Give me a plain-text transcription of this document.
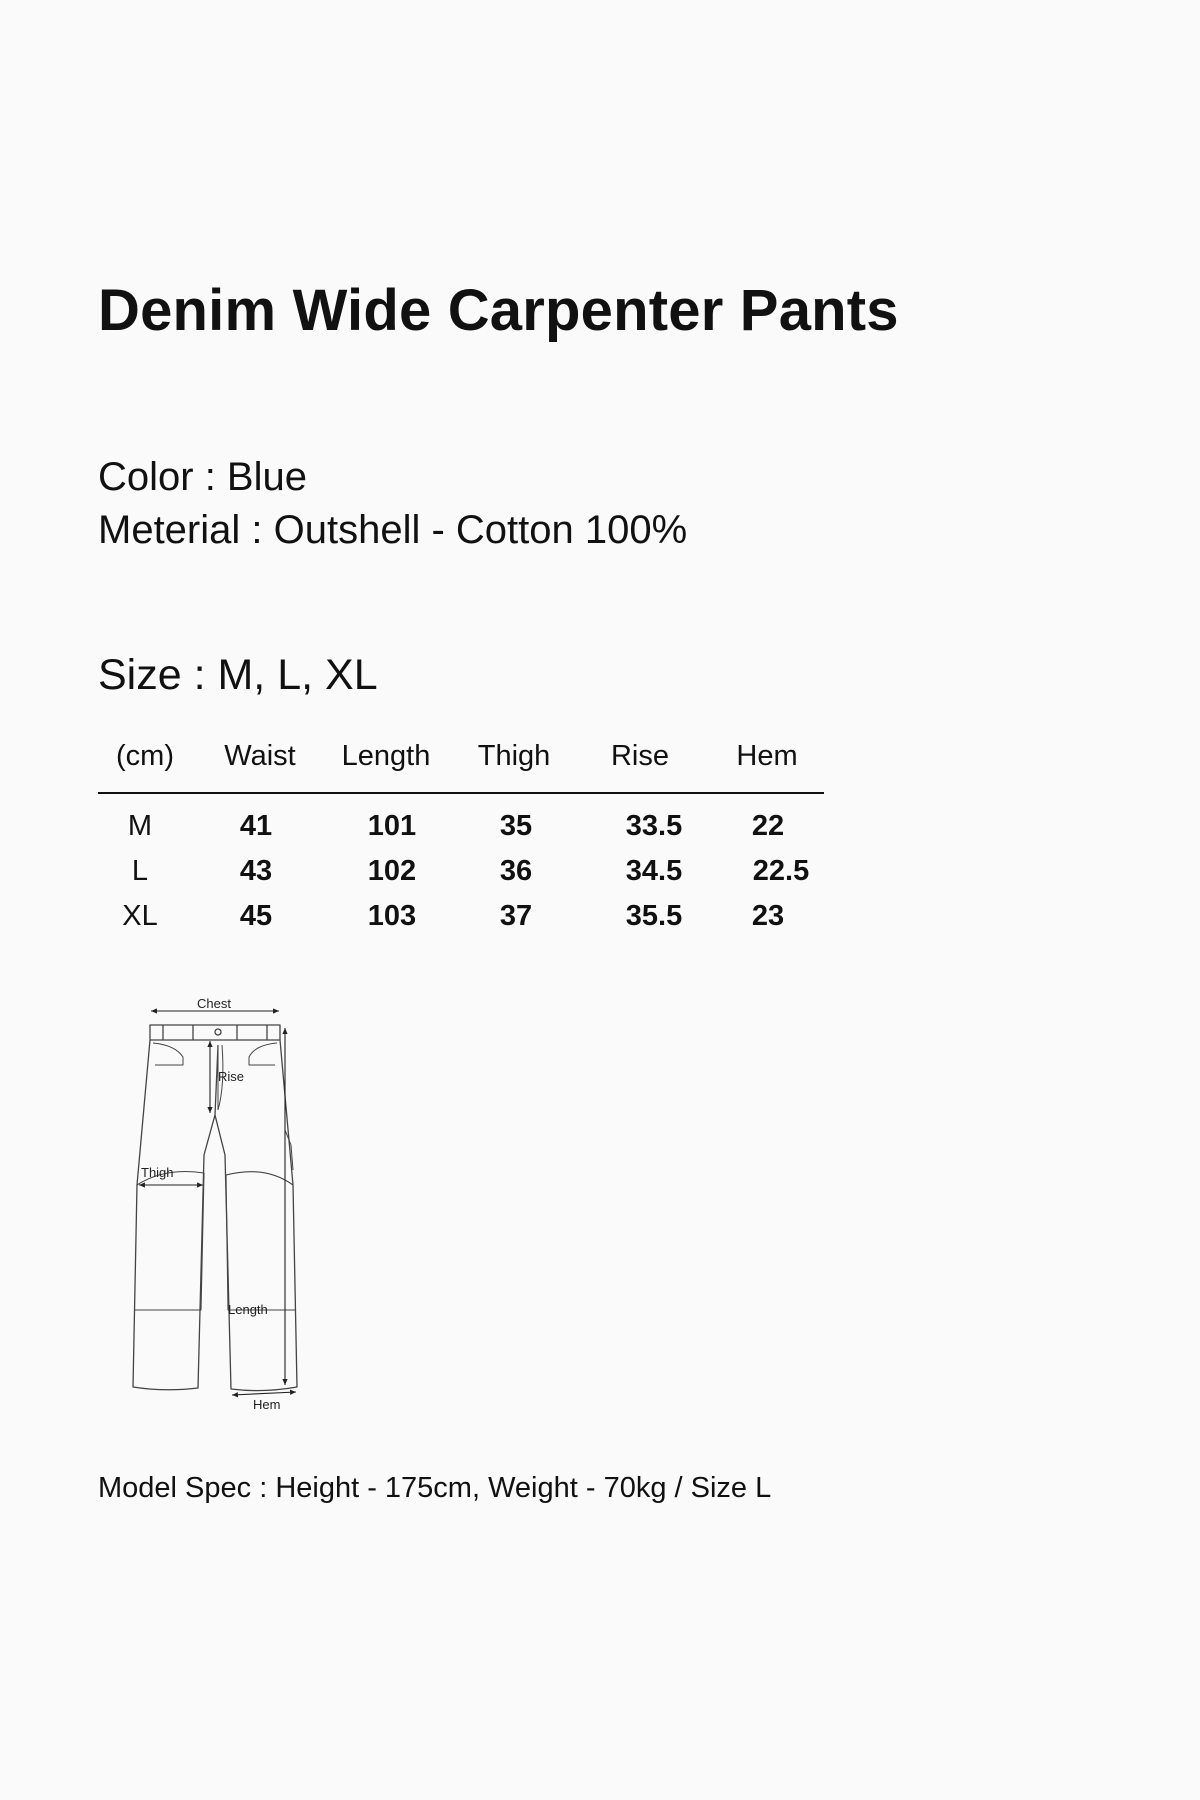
Denim Wide Carpenter Pants
Color : Blue
Meterial : Outshell - Cotton 100%
Size : M, L, XL
(cm) Waist Length Thigh Rise Hem
M	41	101	35	33.5 22
L	43	102	36	34.5 22.5
XL	45	103	37	35.5 23
Chest
Rise
Thigh
Length
Hem
Model Spec : Height - 175cm, Weight - 70kg / Size L
